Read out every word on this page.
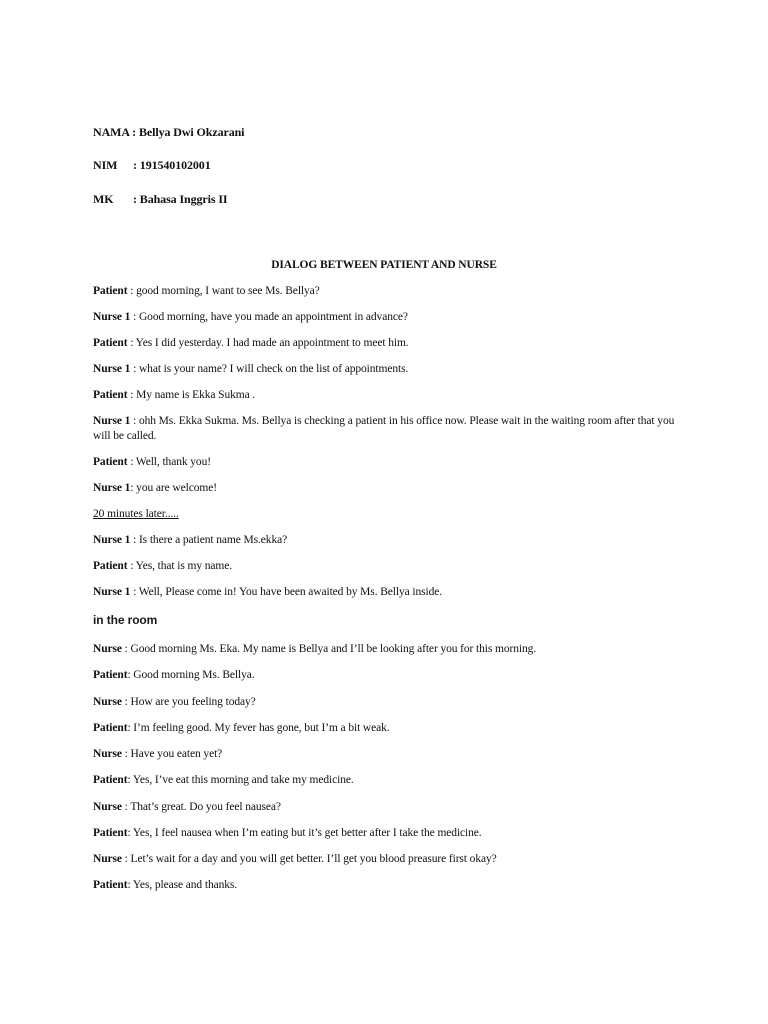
NAMA : Bellya Dwi Okzarani
NIM : 191540102001
MK : Bahasa Inggris II
DIALOG BETWEEN PATIENT AND NURSE
Patient : good morning, I want to see Ms. Bellya?
Nurse 1 : Good morning, have you made an appointment in advance?
Patient : Yes I did yesterday. I had made an appointment to meet him.
Nurse 1 : what is your name? I will check on the list of appointments.
Patient : My name is Ekka Sukma .
Nurse 1 : ohh Ms. Ekka Sukma. Ms. Bellya is checking a patient in his office now. Please wait in the waiting room after that you will be called.
Patient : Well, thank you!
Nurse 1: you are welcome!
20 minutes later.....
Nurse 1 : Is there a patient name Ms.ekka?
Patient : Yes, that is my name.
Nurse 1 : Well, Please come in! You have been awaited by Ms. Bellya inside.
in the room
Nurse : Good morning Ms. Eka. My name is Bellya and I’ll be looking after you for this morning.
Patient: Good morning Ms. Bellya.
Nurse : How are you feeling today?
Patient: I’m feeling good. My fever has gone, but I’m a bit weak.
Nurse : Have you eaten yet?
Patient: Yes, I’ve eat this morning and take my medicine.
Nurse : That’s great. Do you feel nausea?
Patient: Yes, I feel nausea when I’m eating but it’s get better after I take the medicine.
Nurse : Let’s wait for a day and you will get better. I’ll get you blood preasure first okay?
Patient: Yes, please and thanks.
